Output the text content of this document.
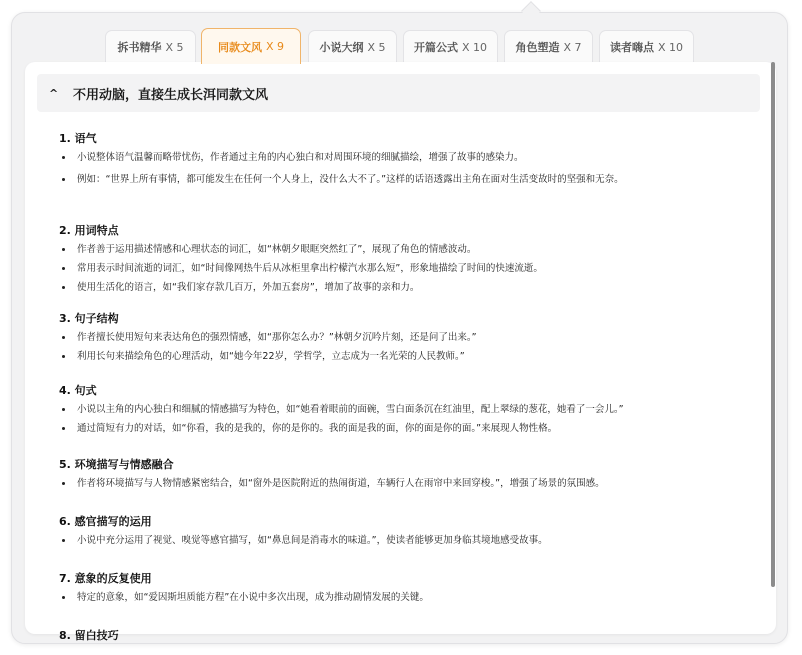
拆书精华 X 5	同款文风 X 9	小说大纲 X 5	开篇公式 X 10	角色塑造 X 7	读者嗨点 X 10
^	不用动脑，直接生成长洱同款文风
1. 语气
小说整体语气温馨而略带忧伤，作者通过主角的内心独白和对周围环境的细腻描绘，增强了故事的感染力。
例如：“世界上所有事情，都可能发生在任何一个人身上，没什么大不了。”这样的话语透露出主角在面对生活变故时的坚强和无奈。
2. 用词特点
作者善于运用描述情感和心理状态的词汇，如“林朝夕眼眶突然红了”，展现了角色的情感波动。
常用表示时间流逝的词汇，如“时间像网热牛后从冰柜里拿出柠檬汽水那么短”，形象地描绘了时间的快速流逝。
使用生活化的语言，如“我们家存款几百万，外加五套房”，增加了故事的亲和力。
3. 句子结构
作者擅长使用短句来表达角色的强烈情感，如“那你怎么办？”林朝夕沉吟片刻，还是问了出来。”
利用长句来描绘角色的心理活动，如“她今年22岁，学哲学，立志成为一名光荣的人民教师。”
4. 句式
小说以主角的内心独白和细腻的情感描写为特色，如“她看着眼前的面碗，雪白面条沉在红油里，配上翠绿的葱花，她看了一会儿。”
通过简短有力的对话，如“你看，我的是我的，你的是你的。我的面是我的面，你的面是你的面。”来展现人物性格。
5. 环境描写与情感融合
作者将环境描写与人物情感紧密结合，如“窗外是医院附近的热闹街道，车辆行人在雨帘中来回穿梭。”，增强了场景的氛围感。
6. 感官描写的运用
小说中充分运用了视觉、嗅觉等感官描写，如“鼻息间是消毒水的味道。”，使读者能够更加身临其境地感受故事。
7. 意象的反复使用
特定的意象，如“爱因斯坦质能方程”在小说中多次出现，成为推动剧情发展的关键。
8. 留白技巧
